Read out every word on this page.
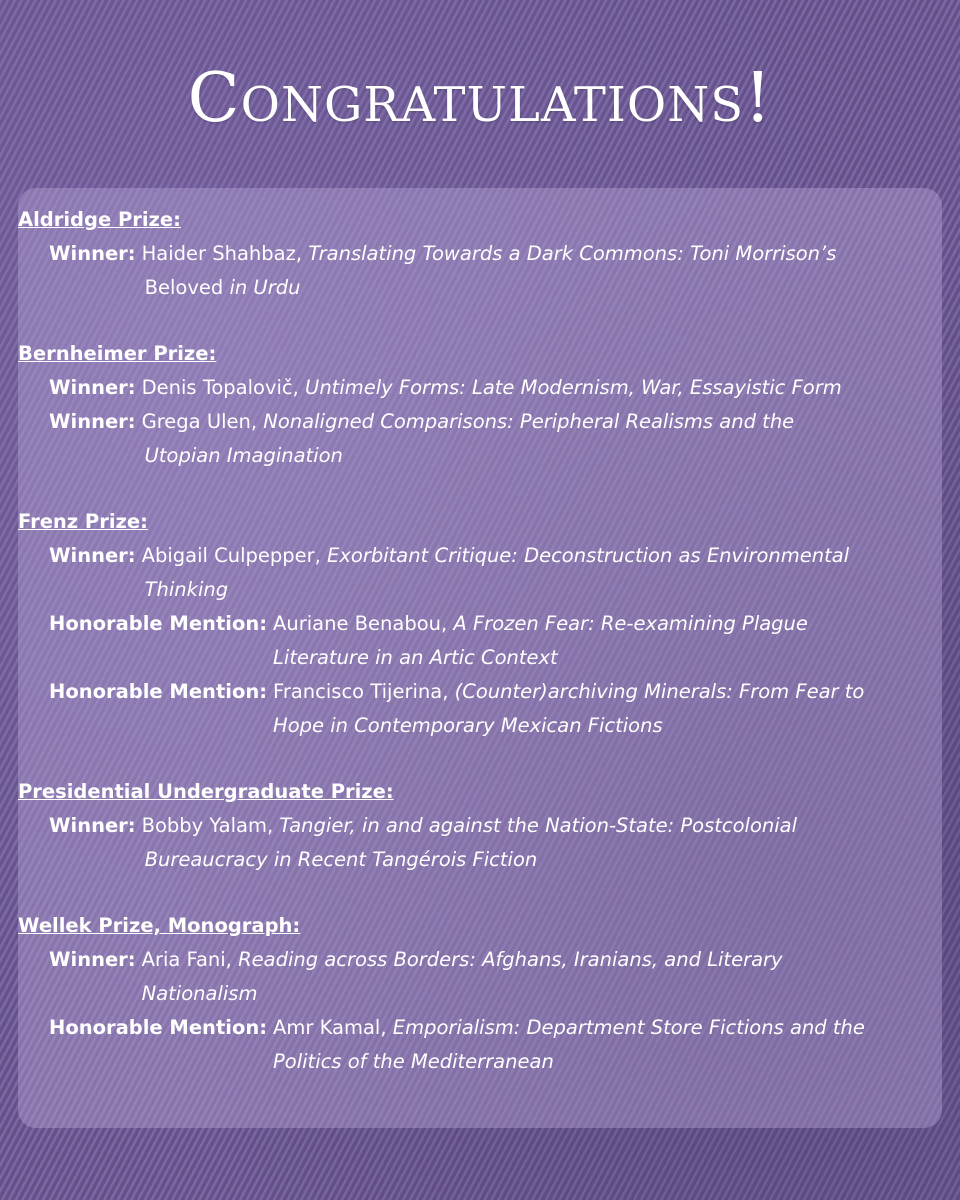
Congratulations!
Aldridge Prize:
Winner: Haider Shahbaz, Translating Towards a Dark Commons: Toni Morrison’s
Beloved in Urdu
Bernheimer Prize:
Winner: Denis Topalovič, Untimely Forms: Late Modernism, War, Essayistic Form
Winner: Grega Ulen, Nonaligned Comparisons: Peripheral Realisms and the
Utopian Imagination
Frenz Prize:
Winner: Abigail Culpepper, Exorbitant Critique: Deconstruction as Environmental
Thinking
Honorable Mention: Auriane Benabou, A Frozen Fear: Re-examining Plague
Literature in an Artic Context
Honorable Mention: Francisco Tijerina, (Counter)archiving Minerals: From Fear to
Hope in Contemporary Mexican Fictions
Presidential Undergraduate Prize:
Winner: Bobby Yalam, Tangier, in and against the Nation-State: Postcolonial
Bureaucracy in Recent Tangérois Fiction
Wellek Prize, Monograph:
Winner: Aria Fani, Reading across Borders: Afghans, Iranians, and Literary
Nationalism
Honorable Mention: Amr Kamal, Emporialism: Department Store Fictions and the
Politics of the Mediterranean
